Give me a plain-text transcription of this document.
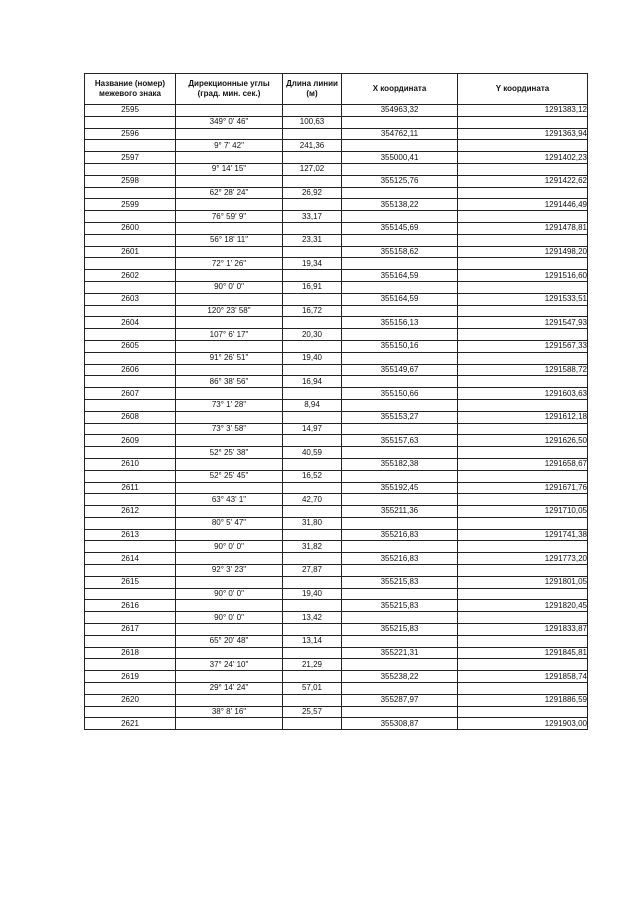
Название (номер) межевого знака	Дирекционные углы (град. мин. сек.)	Длина линии (м)	X координата	Y координата
2595			354963,32	1291383,12
	349° 0' 46"	100,63		
2596			354762,11	1291363,94
	9° 7' 42"	241,36		
2597			355000,41	1291402,23
	9° 14' 15"	127,02		
2598			355125,76	1291422,62
	62° 28' 24"	26,92		
2599			355138,22	1291446,49
	76° 59' 9"	33,17		
2600			355145,69	1291478,81
	56° 18' 11"	23,31		
2601			355158,62	1291498,20
	72° 1' 26"	19,34		
2602			355164,59	1291516,60
	90° 0' 0"	16,91		
2603			355164,59	1291533,51
	120° 23' 58"	16,72		
2604			355156,13	1291547,93
	107° 6' 17"	20,30		
2605			355150,16	1291567,33
	91° 26' 51"	19,40		
2606			355149,67	1291588,72
	86° 38' 56"	16,94		
2607			355150,66	1291603,63
	73° 1' 28"	8,94		
2608			355153,27	1291612,18
	73° 3' 58"	14,97		
2609			355157,63	1291626,50
	52° 25' 38"	40,59		
2610			355182,38	1291658,67
	52° 25' 45"	16,52		
2611			355192,45	1291671,76
	63° 43' 1"	42,70		
2612			355211,36	1291710,05
	80° 5' 47"	31,80		
2613			355216,83	1291741,38
	90° 0' 0"	31,82		
2614			355216,83	1291773,20
	92° 3' 23"	27,87		
2615			355215,83	1291801,05
	90° 0' 0"	19,40		
2616			355215,83	1291820,45
	90° 0' 0"	13,42		
2617			355215,83	1291833,87
	65° 20' 48"	13,14		
2618			355221,31	1291845,81
	37° 24' 10"	21,29		
2619			355238,22	1291858,74
	29° 14' 24"	57,01		
2620			355287,97	1291886,59
	38° 8' 16"	25,57		
2621			355308,87	1291903,00
